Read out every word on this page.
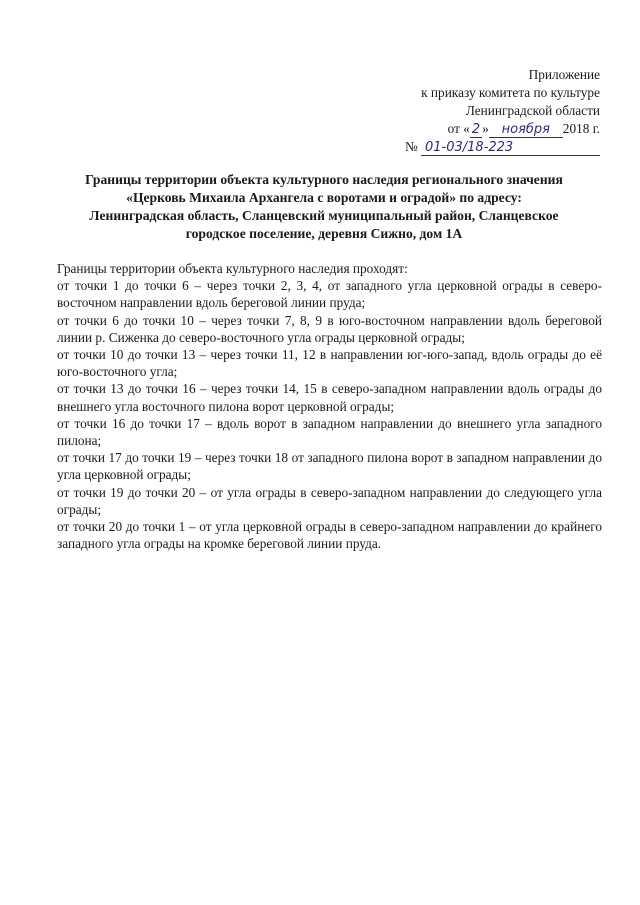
Приложение
к приказу комитета по культуре
Ленинградской области
от « 2 » ноября 2018 г.
№ 01-03/18-223
Границы территории объекта культурного наследия регионального значения
«Церковь Михаила Архангела с воротами и оградой» по адресу:
Ленинградская область, Сланцевский муниципальный район, Сланцевское
городское поселение, деревня Сижно, дом 1А

Границы территории объекта культурного наследия проходят:

от точки 1 до точки 6 – через точки 2, 3, 4, от западного угла церковной ограды в северо-восточном направлении вдоль береговой линии пруда;

от точки 6 до точки 10 – через точки 7, 8, 9 в юго-восточном направлении вдоль береговой линии р. Сиженка до северо-восточного угла ограды церковной ограды;

от точки 10 до точки 13 – через точки 11, 12 в направлении юг-юго-запад, вдоль ограды до её юго-восточного угла;

от точки 13 до точки 16 – через точки 14, 15 в северо-западном направлении вдоль ограды до внешнего угла восточного пилона ворот церковной ограды;

от точки 16 до точки 17 – вдоль ворот в западном направлении до внешнего угла западного пилона;

от точки 17 до точки 19 – через точки 18 от западного пилона ворот в западном направлении до угла церковной ограды;

от точки 19 до точки 20 – от угла ограды в северо-западном направлении до следующего угла ограды;

от точки 20 до точки 1 – от угла церковной ограды в северо-западном направлении до крайнего западного угла ограды на кромке береговой линии пруда.
